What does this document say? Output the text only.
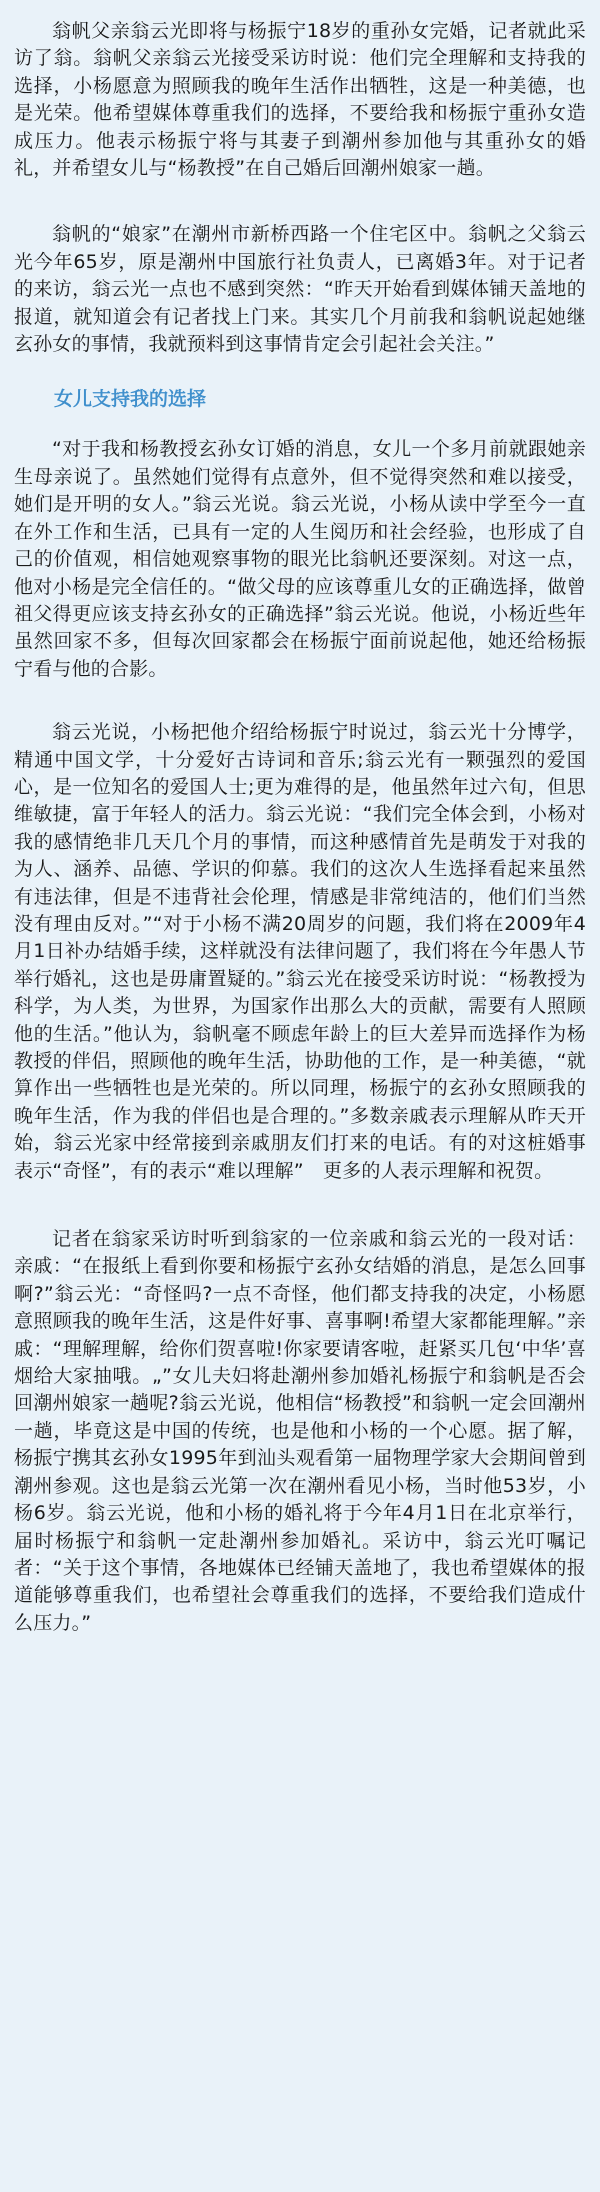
翁帆父亲翁云光即将与杨振宁18岁的重孙女完婚，记者就此采访了翁。翁帆父亲翁云光接受采访时说：他们完全理解和支持我的选择，小杨愿意为照顾我的晚年生活作出牺牲，这是一种美德，也是光荣。他希望媒体尊重我们的选择，不要给我和杨振宁重孙女造成压力。他表示杨振宁将与其妻子到潮州参加他与其重孙女的婚礼，并希望女儿与“杨教授”在自己婚后回潮州娘家一趟。

翁帆的“娘家”在潮州市新桥西路一个住宅区中。翁帆之父翁云光今年65岁，原是潮州中国旅行社负责人，已离婚3年。对于记者的来访，翁云光一点也不感到突然：“昨天开始看到媒体铺天盖地的报道，就知道会有记者找上门来。其实几个月前我和翁帆说起她继玄孙女的事情，我就预料到这事情肯定会引起社会关注。”

女儿支持我的选择

“对于我和杨教授玄孙女订婚的消息，女儿一个多月前就跟她亲生母亲说了。虽然她们觉得有点意外，但不觉得突然和难以接受，她们是开明的女人。”翁云光说。翁云光说，小杨从读中学至今一直在外工作和生活，已具有一定的人生阅历和社会经验，也形成了自己的价值观，相信她观察事物的眼光比翁帆还要深刻。对这一点，他对小杨是完全信任的。“做父母的应该尊重儿女的正确选择，做曾祖父得更应该支持玄孙女的正确选择”翁云光说。他说，小杨近些年虽然回家不多，但每次回家都会在杨振宁面前说起他，她还给杨振宁看与他的合影。

翁云光说，小杨把他介绍给杨振宁时说过，翁云光十分博学，精通中国文学，十分爱好古诗词和音乐;翁云光有一颗强烈的爱国心，是一位知名的爱国人士;更为难得的是，他虽然年过六旬，但思维敏捷，富于年轻人的活力。翁云光说：“我们完全体会到，小杨对我的感情绝非几天几个月的事情，而这种感情首先是萌发于对我的为人、涵养、品德、学识的仰慕。我们的这次人生选择看起来虽然有违法律，但是不违背社会伦理，情感是非常纯洁的，他们们当然没有理由反对。”“对于小杨不满20周岁的问题，我们将在2009年4月1日补办结婚手续，这样就没有法律问题了，我们将在今年愚人节举行婚礼，这也是毋庸置疑的。”翁云光在接受采访时说：“杨教授为科学，为人类，为世界，为国家作出那么大的贡献，需要有人照顾他的生活。”他认为，翁帆毫不顾虑年龄上的巨大差异而选择作为杨教授的伴侣，照顾他的晚年生活，协助他的工作，是一种美德，“就算作出一些牺牲也是光荣的。所以同理，杨振宁的玄孙女照顾我的晚年生活，作为我的伴侣也是合理的。”多数亲戚表示理解从昨天开始，翁云光家中经常接到亲戚朋友们打来的电话。有的对这桩婚事表示“奇怪”，有的表示“难以理解”　更多的人表示理解和祝贺。

记者在翁家采访时听到翁家的一位亲戚和翁云光的一段对话：亲戚：“在报纸上看到你要和杨振宁玄孙女结婚的消息，是怎么回事啊?”翁云光：“奇怪吗?一点不奇怪，他们都支持我的决定，小杨愿意照顾我的晚年生活，这是件好事、喜事啊!希望大家都能理解。”亲戚：“理解理解，给你们贺喜啦!你家要请客啦，赶紧买几包‘中华’喜烟给大家抽哦。„”女儿夫妇将赴潮州参加婚礼杨振宁和翁帆是否会回潮州娘家一趟呢?翁云光说，他相信“杨教授”和翁帆一定会回潮州一趟，毕竟这是中国的传统，也是他和小杨的一个心愿。据了解，杨振宁携其玄孙女1995年到汕头观看第一届物理学家大会期间曾到潮州参观。这也是翁云光第一次在潮州看见小杨，当时他53岁，小杨6岁。翁云光说，他和小杨的婚礼将于今年4月1日在北京举行，届时杨振宁和翁帆一定赴潮州参加婚礼。采访中，翁云光叮嘱记者：“关于这个事情，各地媒体已经铺天盖地了，我也希望媒体的报道能够尊重我们，也希望社会尊重我们的选择，不要给我们造成什么压力。”
